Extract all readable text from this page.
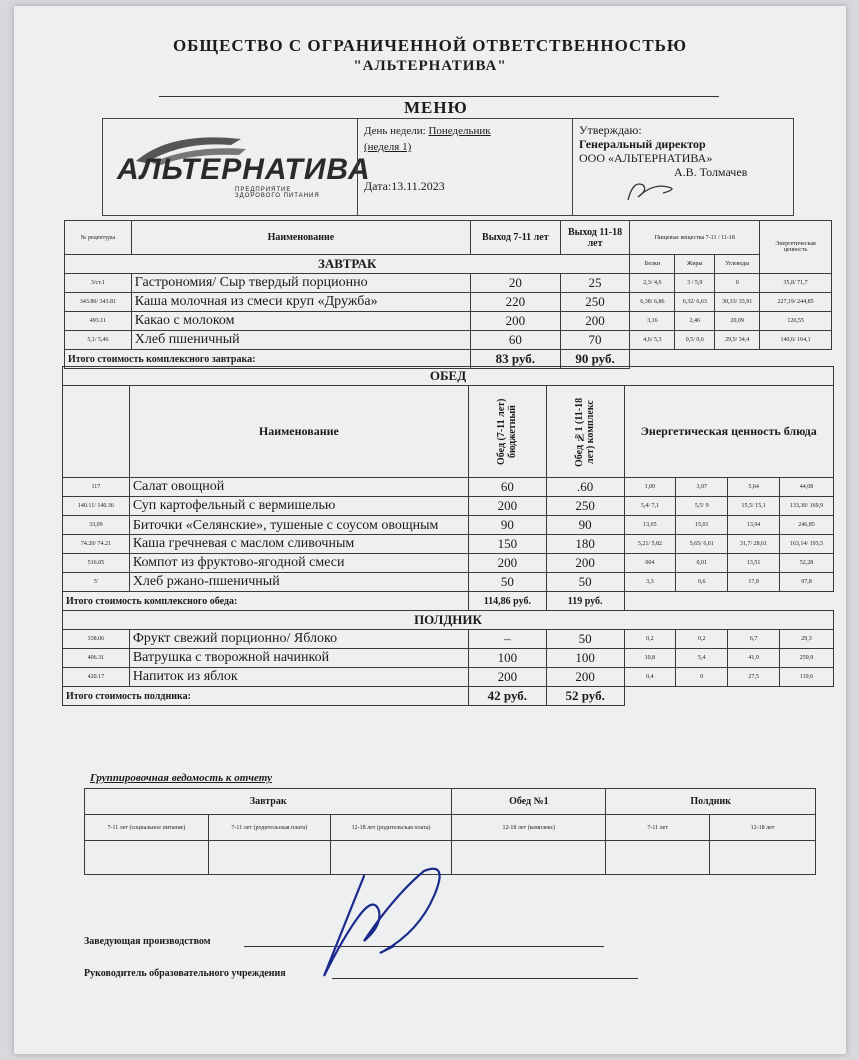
ОБЩЕСТВО С ОГРАНИЧЕННОЙ ОТВЕТСТВЕННОСТЬЮ
"АЛЬТЕРНАТИВА"
МЕНЮ
АЛЬТЕРНАТИВА
ПРЕДПРИЯТИЕ ЗДОРОВОГО ПИТАНИЯ
День недели: Понедельник
(неделя 1)
Дата:13.11.2023
Утверждаю:
Генеральный директор
ООО «АЛЬТЕРНАТИВА»
А.В. Толмачев
№ рецептуры	Наименование	Выход 7-11 лет	Выход 11-18 лет	Пищевые вещества 7-11 / 11-18			Энергетическая ценность
ЗАВТРАК				Белки	Жиры	Углеводы	
3/ст.1	Гастрономия/ Сыр твердый порционно	20	25	2,3/ 4,6	3 / 5,9	0	35,8/ 71,7
343.80/ 343.81	Каша молочная из смеси круп «Дружба»	220	250	6,38/ 6,86	6,32/ 6,63	30,33/ 33,91	227,19/ 244,85
493.11	Какао с молоком	200	200	3,16	2,46	20,09	120,55
5,1/ 5,46	Хлеб пшеничный	60	70	4,6/ 5,3	0,5/ 0,6	29,5/ 34,4	140,6/ 164,1
Итого стоимость комплексного завтрака:		83 руб.	90 руб.				
ОБЕД							
	Наименование	Обед (7-11 лет) бюджетный	Обед №1 (11-18 лет) комплекс	Энергетическая ценность блюда			
117	Салат овощной	60	.60	1,00	3,07	5,64	44,08
140.11/ 140.36	Суп картофельный с вермишелью	200	250	5,4/ 7,1	5,5/ 9	15,5/ 15,1	133,30/ 169,9
33,09	Биточки «Селянские», тушеные с соусом овощным	90	90	13,65	15,01	13,94	246,85
74.20/ 74.21	Каша гречневая с маслом сливочным	150	180	5,21/ 5,82	5,65/ 6,61	31,7/ 28,61	163,14/ 193,5
516.05	Компот из фруктово-ягодной смеси	200	200	004	0,01	13,51	52,28
5'	Хлеб ржано-пшеничный	50	50	3,3	0,6	17,8	97,8
Итого стоимость комплексного обеда:		114,86 руб.	119 руб.				
ПОЛДНИК							
338.06	Фрукт свежий порционно/ Яблоко	–	50	0,2	0,2	6,7	29,3
406.31	Ватрушка с творожной начинкой	100	100	10,8	5,4	41,9	259,9
420.17	Напиток из яблок	200	200	0,4	0	27,5	119,6
Итого стоимость полдника:		42 руб.	52 руб.				
Группировочная ведомость к отчету
Завтрак			Обед №1	Полдник	
7-11 лет (социальное питание)	7-11 лет (родительская плата)	12-18 лет (родительская плата)	12-18 лет (комплекс)	7-11 лет	12-18 лет

Заведующая производством
Руководитель образовательного учреждения
